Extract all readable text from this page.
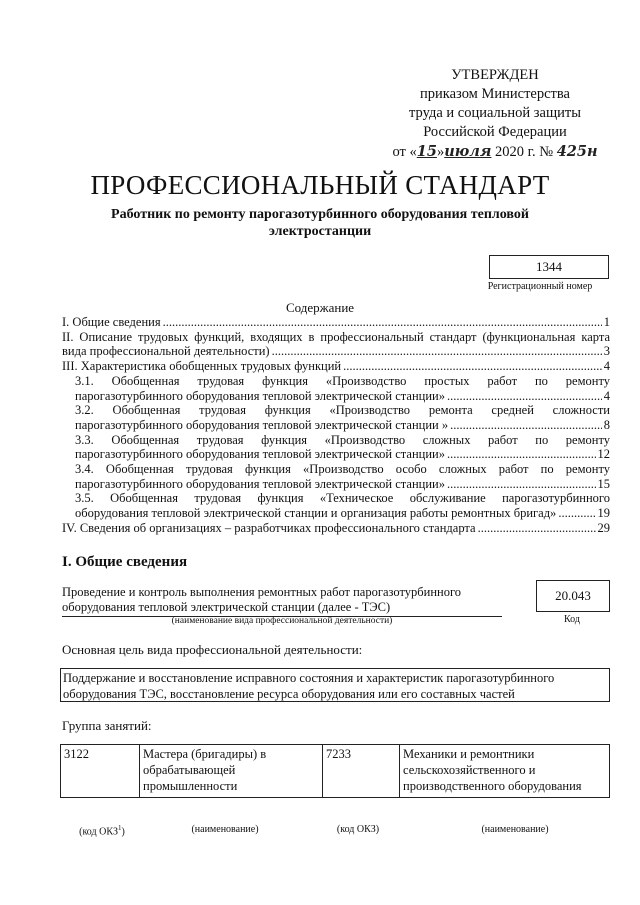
УТВЕРЖДЕН
приказом Министерства
труда и социальной защиты
Российской Федерации
от «15»июля 2020 г. № 425н
ПРОФЕССИОНАЛЬНЫЙ СТАНДАРТ
Работник по ремонту парогазотурбинного оборудования тепловой электростанции
1344
Регистрационный номер
Содержание
I. Общие сведения .....	1
II. Описание трудовых функций, входящих в профессиональный стандарт (функциональная карта
вида профессиональной деятельности) .....	3
III. Характеристика обобщенных трудовых функций .....	4
3.1. Обобщенная трудовая функция «Производство простых работ по ремонту
парогазотурбинного оборудования тепловой электрической станции» .....	4
3.2. Обобщенная трудовая функция «Производство ремонта средней сложности
парогазотурбинного оборудования тепловой электрической станции » .....	8
3.3. Обобщенная трудовая функция «Производство сложных работ по ремонту
парогазотурбинного оборудования тепловой электрической станции» .....	12
3.4. Обобщенная трудовая функция «Производство особо сложных работ по ремонту
парогазотурбинного оборудования тепловой электрической станции» .....	15
3.5. Обобщенная трудовая функция «Техническое обслуживание парогазотурбинного
оборудования тепловой электрической станции и организация работы ремонтных бригад» .....	19
IV. Сведения об организациях – разработчиках профессионального стандарта .....	29
I. Общие сведения
Проведение и контроль выполнения ремонтных работ парогазотурбинного оборудования тепловой электрической станции (далее - ТЭС)
(наименование вида профессиональной деятельности)
20.043
Код
Основная цель вида профессиональной деятельности:
Поддержание и восстановление исправного состояния и характеристик парогазотурбинного оборудования ТЭС, восстановление ресурса оборудования или его составных частей
Группа занятий:
3122	Мастера (бригадиры) в обрабатывающей промышленности	7233	Механики и ремонтники сельскохозяйственного и производственного оборудования
(код ОКЗ$^1$)	(наименование)	(код ОКЗ)	(наименование)
